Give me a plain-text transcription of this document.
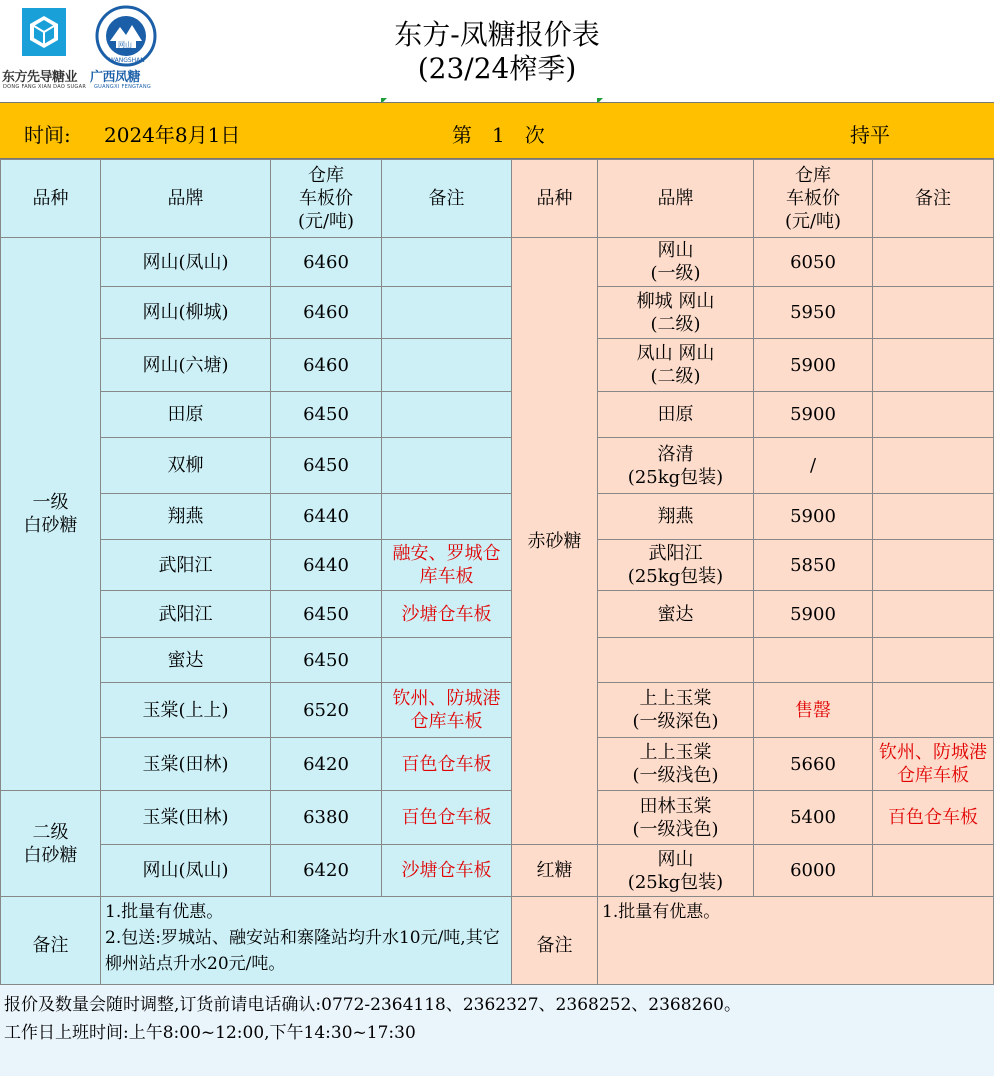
网山
WANGSHAN
东方先导糖业
DONG FANG XIAN DAO SUGAR
广西凤糖
GUANGXI FENGTANG
东方-凤糖报价表
(23/24榨季)
时间: 2024年8月1日	第　1　次	持平
品种	品牌	仓库
车板价
(元/吨)	备注	品种	品牌	仓库
车板价
(元/吨)	备注
一级
白砂糖	网山(凤山)	6460		赤砂糖	网山
(一级)	6050	
	网山(柳城)	6460			柳城 网山
(二级)	5950	
	网山(六塘)	6460			凤山 网山
(二级)	5900	
	田原	6450			田原	5900	
	双柳	6450			洛清
(25kg包装)	/	
	翔燕	6440			翔燕	5900	
	武阳江	6440	融安、罗城仓
库车板		武阳江
(25kg包装)	5850	
	武阳江	6450	沙塘仓车板		蜜达	5900	
	蜜达	6450					
	玉棠(上上)	6520	钦州、防城港
仓库车板		上上玉棠
(一级深色)	售罄	
	玉棠(田林)	6420	百色仓车板		上上玉棠
(一级浅色)	5660	钦州、防城港
仓库车板
二级
白砂糖	玉棠(田林)	6380	百色仓车板		田林玉棠
(一级浅色)	5400	百色仓车板
	网山(凤山)	6420	沙塘仓车板	红糖	网山
(25kg包装)	6000	
备注	1.批量有优惠。
2.包送:罗城站、融安站和寨隆站均升水10元/吨,其它柳州站点升水20元/吨。			备注	1.批量有优惠。		
报价及数量会随时调整,订货前请电话确认:0772-2364118、2362327、2368252、2368260。
工作日上班时间:上午8:00~12:00,下午14:30~17:30
